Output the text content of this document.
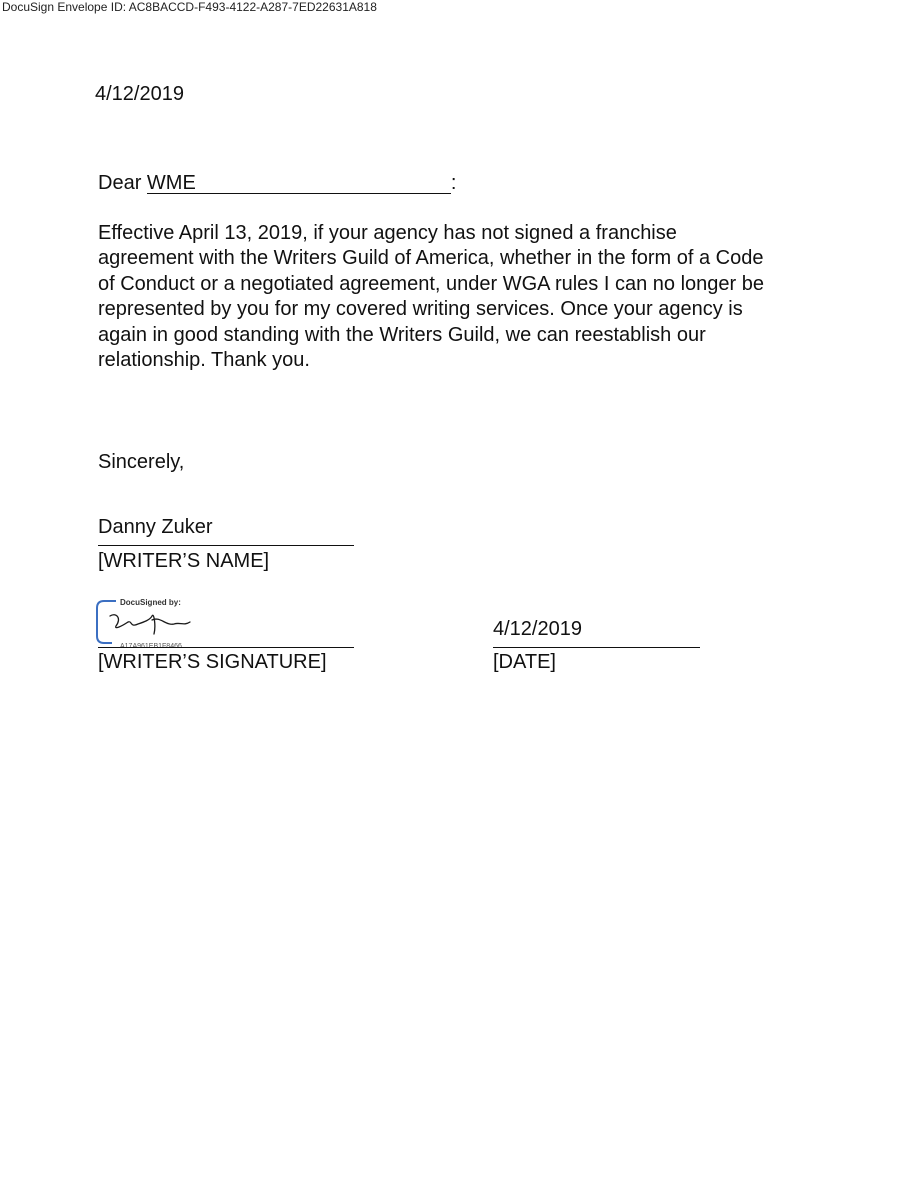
DocuSign Envelope ID: AC8BACCD-F493-4122-A287-7ED22631A818
4/12/2019
Dear WME	:

Effective April 13, 2019, if your agency has not signed a franchise
agreement with the Writers Guild of America, whether in the form of a Code
of Conduct or a negotiated agreement, under WGA rules I can no longer be
represented by you for my covered writing services. Once your agency is
again in good standing with the Writers Guild, we can reestablish our
relationship. Thank you.

Sincerely,
Danny Zuker
[WRITER’S NAME]
DocuSigned by:
A17A961EB1F8466...
[WRITER’S SIGNATURE]
4/12/2019
[DATE]
